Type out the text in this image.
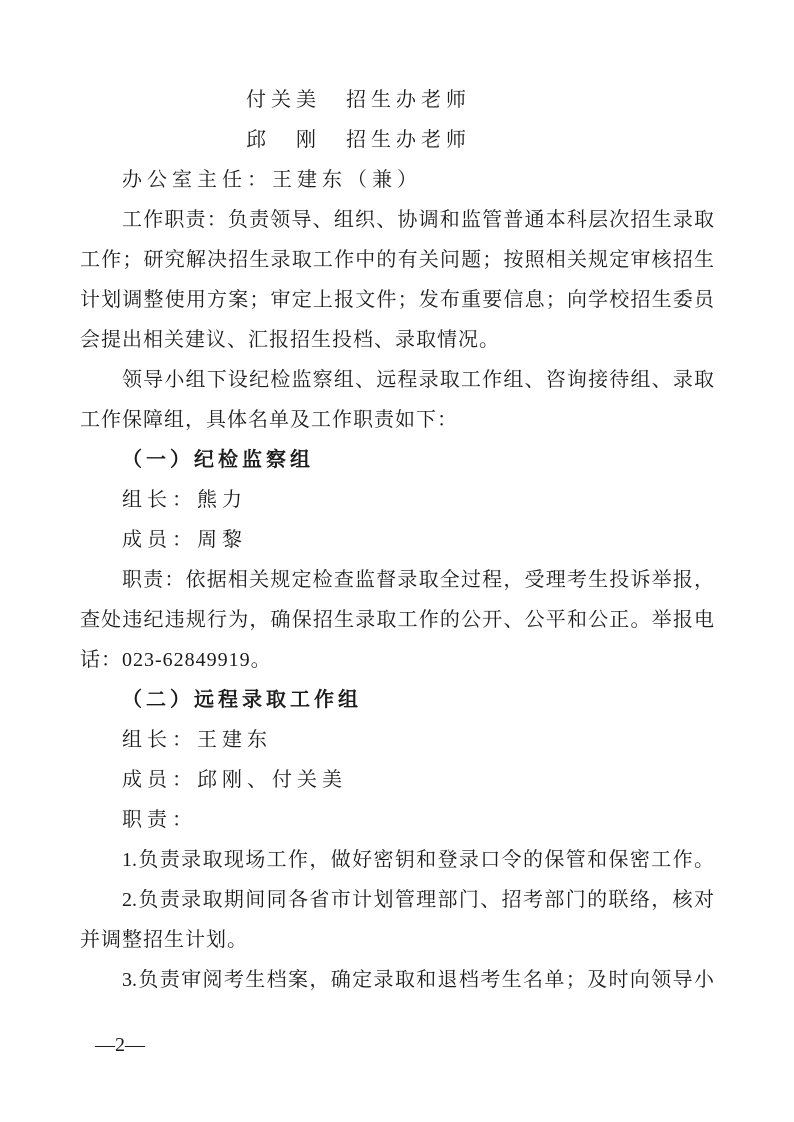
付关美　招生办老师
邱　刚　招生办老师
办公室主任：王建东（兼）
工作职责：负责领导、组织、协调和监管普通本科层次招生录取
工作；研究解决招生录取工作中的有关问题；按照相关规定审核招生
计划调整使用方案；审定上报文件；发布重要信息；向学校招生委员
会提出相关建议、汇报招生投档、录取情况。
领导小组下设纪检监察组、远程录取工作组、咨询接待组、录取
工作保障组，具体名单及工作职责如下：
（一）纪检监察组
组长：熊力
成员：周黎
职责：依据相关规定检查监督录取全过程，受理考生投诉举报，
查处违纪违规行为，确保招生录取工作的公开、公平和公正。举报电
话：023-62849919。
（二）远程录取工作组
组长：王建东
成员：邱刚、付关美
职责：
1.负责录取现场工作，做好密钥和登录口令的保管和保密工作。
2.负责录取期间同各省市计划管理部门、招考部门的联络，核对
并调整招生计划。
3.负责审阅考生档案，确定录取和退档考生名单；及时向领导小
—2—
